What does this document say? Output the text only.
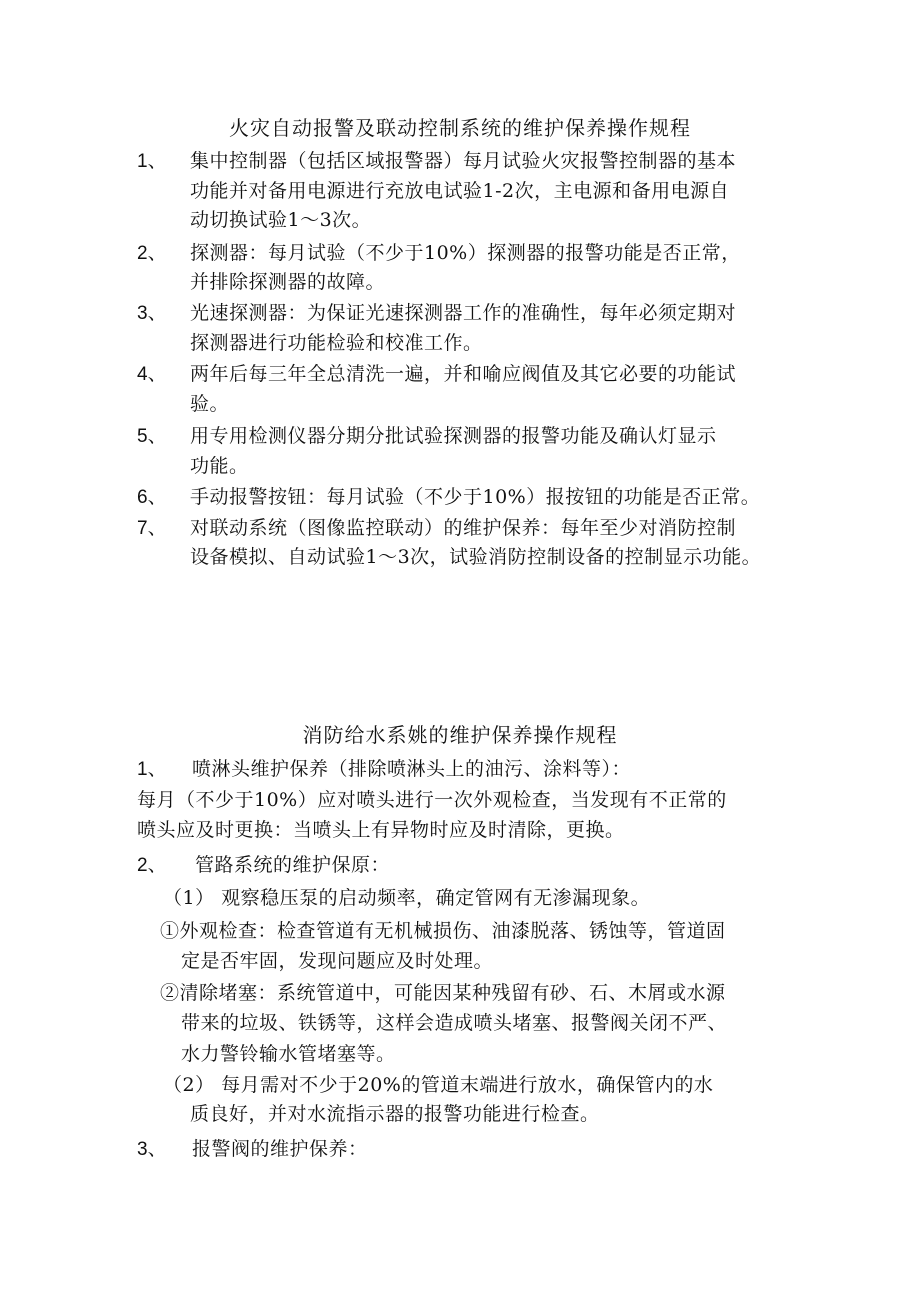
火灾自动报警及联动控制系统的维护保养操作规程
1、 集中控制器（包括区域报警器）每月试验火灾报警控制器的基本
功能并对备用电源进行充放电试验1-2次，主电源和备用电源自
动切换试验1～3次。
2、 探测器：每月试验（不少于10%）探测器的报警功能是否正常，
并排除探测器的故障。
3、 光速探测器：为保证光速探测器工作的准确性，每年必须定期对
探测器进行功能检验和校准工作。
4、 两年后每三年全总清洗一遍，并和喻应阀值及其它必要的功能试
验。
5、 用专用检测仪器分期分批试验探测器的报警功能及确认灯显示
功能。
6、 手动报警按钮：每月试验（不少于10%）报按钮的功能是否正常。
7、 对联动系统（图像监控联动）的维护保养：每年至少对消防控制
设备模拟、自动试验1～3次，试验消防控制设备的控制显示功能。
消防给水系姚的维护保养操作规程
1、 喷淋头维护保养（排除喷淋头上的油污、涂料等）：
每月（不少于10%）应对喷头进行一次外观检查，当发现有不正常的
喷头应及时更换：当喷头上有异物时应及时清除，更换。
2、 管路系统的维护保原：
（1） 观察稳压泵的启动频率，确定管网有无渗漏现象。
①外观检查：检查管道有无机械损伤、油漆脱落、锈蚀等，管道固
定是否牢固，发现问题应及时处理。
②清除堵塞：系统管道中，可能因某种残留有砂、石、木屑或水源
带来的垃圾、铁锈等，这样会造成喷头堵塞、报警阀关闭不严、
水力警铃输水管堵塞等。
（2） 每月需对不少于20%的管道末端进行放水，确保管内的水
质良好，并对水流指示器的报警功能进行检查。
3、 报警阀的维护保养：
